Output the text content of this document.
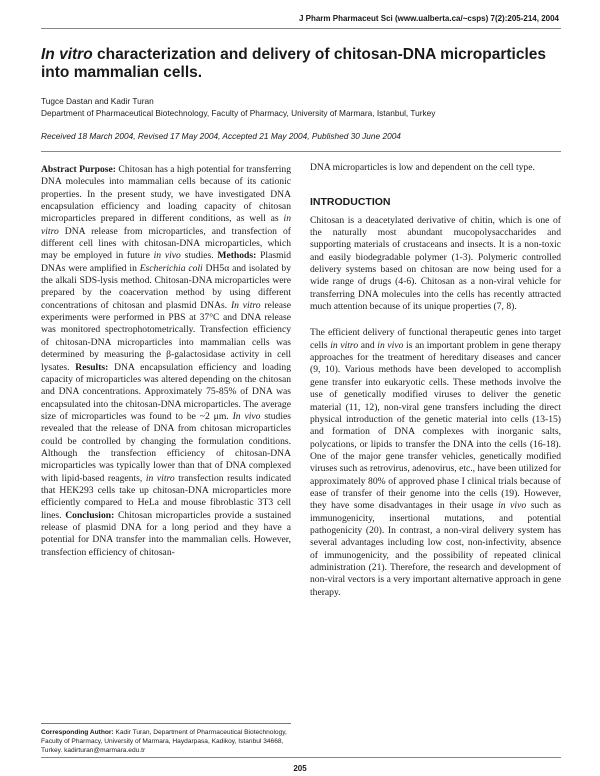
J Pharm Pharmaceut Sci (www.ualberta.ca/~csps) 7(2):205-214, 2004
In vitro characterization and delivery of chitosan-DNA microparticles into mammalian cells.
Tugce Dastan and Kadir Turan
Department of Pharmaceutical Biotechnology, Faculty of Pharmacy, University of Marmara, Istanbul, Turkey
Received 18 March 2004, Revised 17 May 2004, Accepted 21 May 2004, Published 30 June 2004

Abstract Purpose: Chitosan has a high potential for transferring DNA molecules into mammalian cells because of its cationic properties. In the present study, we have investigated DNA encapsulation efficiency and loading capacity of chitosan microparticles prepared in different conditions, as well as in vitro DNA release from microparticles, and transfection of different cell lines with chitosan-DNA microparticles, which may be employed in future in vivo studies. Methods: Plasmid DNAs were amplified in Escherichia coli DH5α and isolated by the alkali SDS-lysis method. Chitosan-DNA microparticles were prepared by the coacervation method by using different concentrations of chitosan and plasmid DNAs. In vitro release experiments were performed in PBS at 37°C and DNA release was monitored spectrophotometrically. Transfection efficiency of chitosan-DNA microparticles into mammalian cells was determined by measuring the β-galactosidase activity in cell lysates. Results: DNA encapsulation efficiency and loading capacity of microparticles was altered depending on the chitosan and DNA concentrations. Approximately 75-85% of DNA was encapsulated into the chitosan-DNA microparticles. The average size of microparticles was found to be ~2 μm. In vivo studies revealed that the release of DNA from chitosan microparticles could be controlled by changing the formulation conditions. Although the transfection efficiency of chitosan-DNA microparticles was typically lower than that of DNA complexed with lipid-based reagents, in vitro transfection results indicated that HEK293 cells take up chitosan-DNA microparticles more efficiently compared to HeLa and mouse fibroblastic 3T3 cell lines. Conclusion: Chitosan microparticles provide a sustained release of plasmid DNA for a long period and they have a potential for DNA transfer into the mammalian cells. However, transfection efficiency of chitosan-

DNA microparticles is low and dependent on the cell type.

INTRODUCTION

Chitosan is a deacetylated derivative of chitin, which is one of the naturally most abundant mucopolysaccharides and supporting materials of crustaceans and insects. It is a non-toxic and easily biodegradable polymer (1-3). Polymeric controlled delivery systems based on chitosan are now being used for a wide range of drugs (4-6). Chitosan as a non-viral vehicle for transferring DNA molecules into the cells has recently attracted much attention because of its unique properties (7, 8).

The efficient delivery of functional therapeutic genes into target cells in vitro and in vivo is an important problem in gene therapy approaches for the treatment of hereditary diseases and cancer (9, 10). Various methods have been developed to accomplish gene transfer into eukaryotic cells. These methods involve the use of genetically modified viruses to deliver the genetic material (11, 12), non-viral gene transfers including the direct physical introduction of the genetic material into cells (13-15) and formation of DNA complexes with inorganic salts, polycations, or lipids to transfer the DNA into the cells (16-18). One of the major gene transfer vehicles, genetically modified viruses such as retrovirus, adenovirus, etc., have been utilized for approximately 80% of approved phase I clinical trials because of ease of transfer of their genome into the cells (19). However, they have some disadvantages in their usage in vivo such as immunogenicity, insertional mutations, and potential pathogenicity (20). In contrast, a non-viral delivery system has several advantages including low cost, non-infectivity, absence of immunogenicity, and the possibility of repeated clinical administration (21). Therefore, the research and development of non-viral vectors is a very important alternative approach in gene therapy.

Corresponding Author: Kadir Turan, Department of Pharmaceutical Biotechnology, Faculty of Pharmacy, University of Marmara, Haydarpasa, Kadikoy, Istanbul 34668, Turkey. kadirturan@marmara.edu.tr
205
